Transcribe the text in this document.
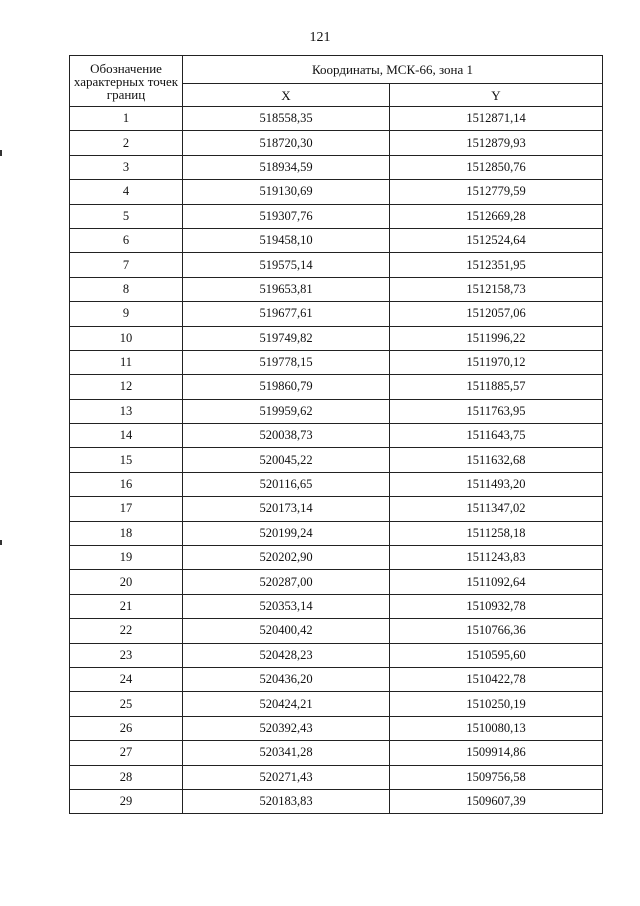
121
Обозначение характерных точек границ	Координаты, МСК-66, зона 1	
	X	Y
1	518558,35	1512871,14
2	518720,30	1512879,93
3	518934,59	1512850,76
4	519130,69	1512779,59
5	519307,76	1512669,28
6	519458,10	1512524,64
7	519575,14	1512351,95
8	519653,81	1512158,73
9	519677,61	1512057,06
10	519749,82	1511996,22
11	519778,15	1511970,12
12	519860,79	1511885,57
13	519959,62	1511763,95
14	520038,73	1511643,75
15	520045,22	1511632,68
16	520116,65	1511493,20
17	520173,14	1511347,02
18	520199,24	1511258,18
19	520202,90	1511243,83
20	520287,00	1511092,64
21	520353,14	1510932,78
22	520400,42	1510766,36
23	520428,23	1510595,60
24	520436,20	1510422,78
25	520424,21	1510250,19
26	520392,43	1510080,13
27	520341,28	1509914,86
28	520271,43	1509756,58
29	520183,83	1509607,39
